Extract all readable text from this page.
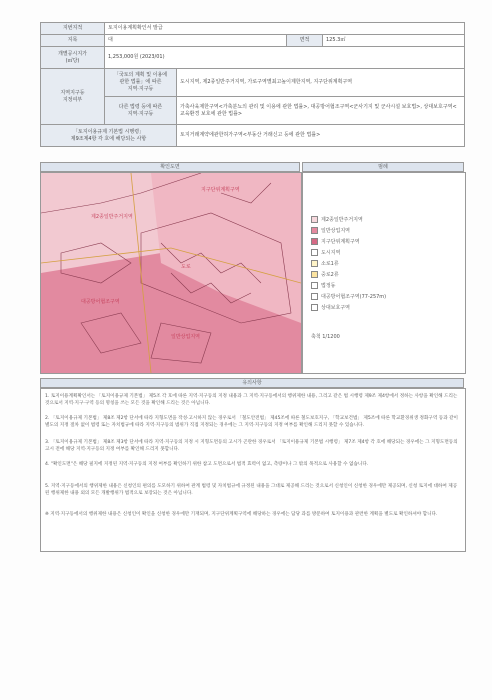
지번지적	토지이용계획확인서 발급			
지목	대		면적	125.3㎡
개별공시지가
(㎡당)	1,253,000원 (2023/01)			
지역지구등
지정여부	「국토의 계획 및 이용에
관한 법률」에 따른
지역·지구등	도시지역, 제2종일반주거지역, 가로구역별최고높이제한지역, 지구단위계획구역		
	다른 법령 등에 따른
지역·지구등	가축사육제한구역<가축분뇨의 관리 및 이용에 관한 법률>, 대공방어협조구역<군사기지 및 군사시설 보호법>, 상대보호구역<교육환경 보호에 관한 법률>		
「토지이용규제 기본법 시행령」
제9조제4항 각 호에 해당되는 사항		토지거래계약에관한허가구역<부동산 거래신고 등에 관한 법률>		
확인도면	범례
제2종일반주거지역
지구단위계획구역
도로
대공방어협조구역
일반상업지역
제2종일반주거지역
일반상업지역
지구단위계획구역
도시지역
소로1류
중로2류
법정동
대공방어협조구역(77-257m)
상대보호구역
축척 1/1200
유의사항

1. 토지이용계획확인서는 「토지이용규제 기본법」 제5조 각 호에 따른 지역·지구등의 지정 내용과 그 지역·지구등에서의 행위제한 내용, 그리고 같은 법 시행령 제9조 제4항에서 정하는 사항을 확인해 드리는 것으로서 지역·지구·구역 등의 명칭을 쓰는 모든 것을 확인해 드리는 것은 아닙니다.

2. 「토지이용규제 기본법」 제8조 제2항 단서에 따라 지형도면을 작성·고시하지 않는 경우로서 「철도안전법」 제45조에 따른 철도보호지구, 「학교보건법」 제5조에 따른 학교환경위생 정화구역 등과 같이 별도의 지정 절차 없이 법령 또는 자치법규에 따라 지역·지구등의 범위가 직접 지정되는 경우에는 그 지역·지구등의 지정 여부를 확인해 드리지 못할 수 있습니다.

3. 「토지이용규제 기본법」 제8조 제3항 단서에 따라 지역·지구등의 지정 시 지형도면등의 고시가 곤란한 경우로서 「토지이용규제 기본법 시행령」 제7조 제4항 각 호에 해당되는 경우에는 그 지형도면등의 고시 전에 해당 지역·지구등의 지정 여부를 확인해 드리지 못합니다.

4. "확인도면"은 해당 필지에 지정된 지역·지구등의 지정 여부를 확인하기 위한 참고 도면으로서 법적 효력이 없고, 측량이나 그 밖의 목적으로 사용할 수 없습니다.

5. 지역·지구등에서의 행위제한 내용은 신청인의 편의를 도모하기 위하여 관계 법령 및 자치법규에 규정된 내용을 그대로 제공해 드리는 것으로서 신청인이 신청한 경우에만 제공되며, 신청 토지에 대하여 제공된 행위제한 내용 외의 모든 개발행위가 법적으로 보장되는 것은 아닙니다.

※ 지역·지구등에서의 행위제한 내용은 신청인이 확인을 신청한 경우에만 기재되며, 지구단위계획구역에 해당하는 경우에는 담당 과를 방문하여 토지이용과 관련한 계획을 별도로 확인하셔야 합니다.
